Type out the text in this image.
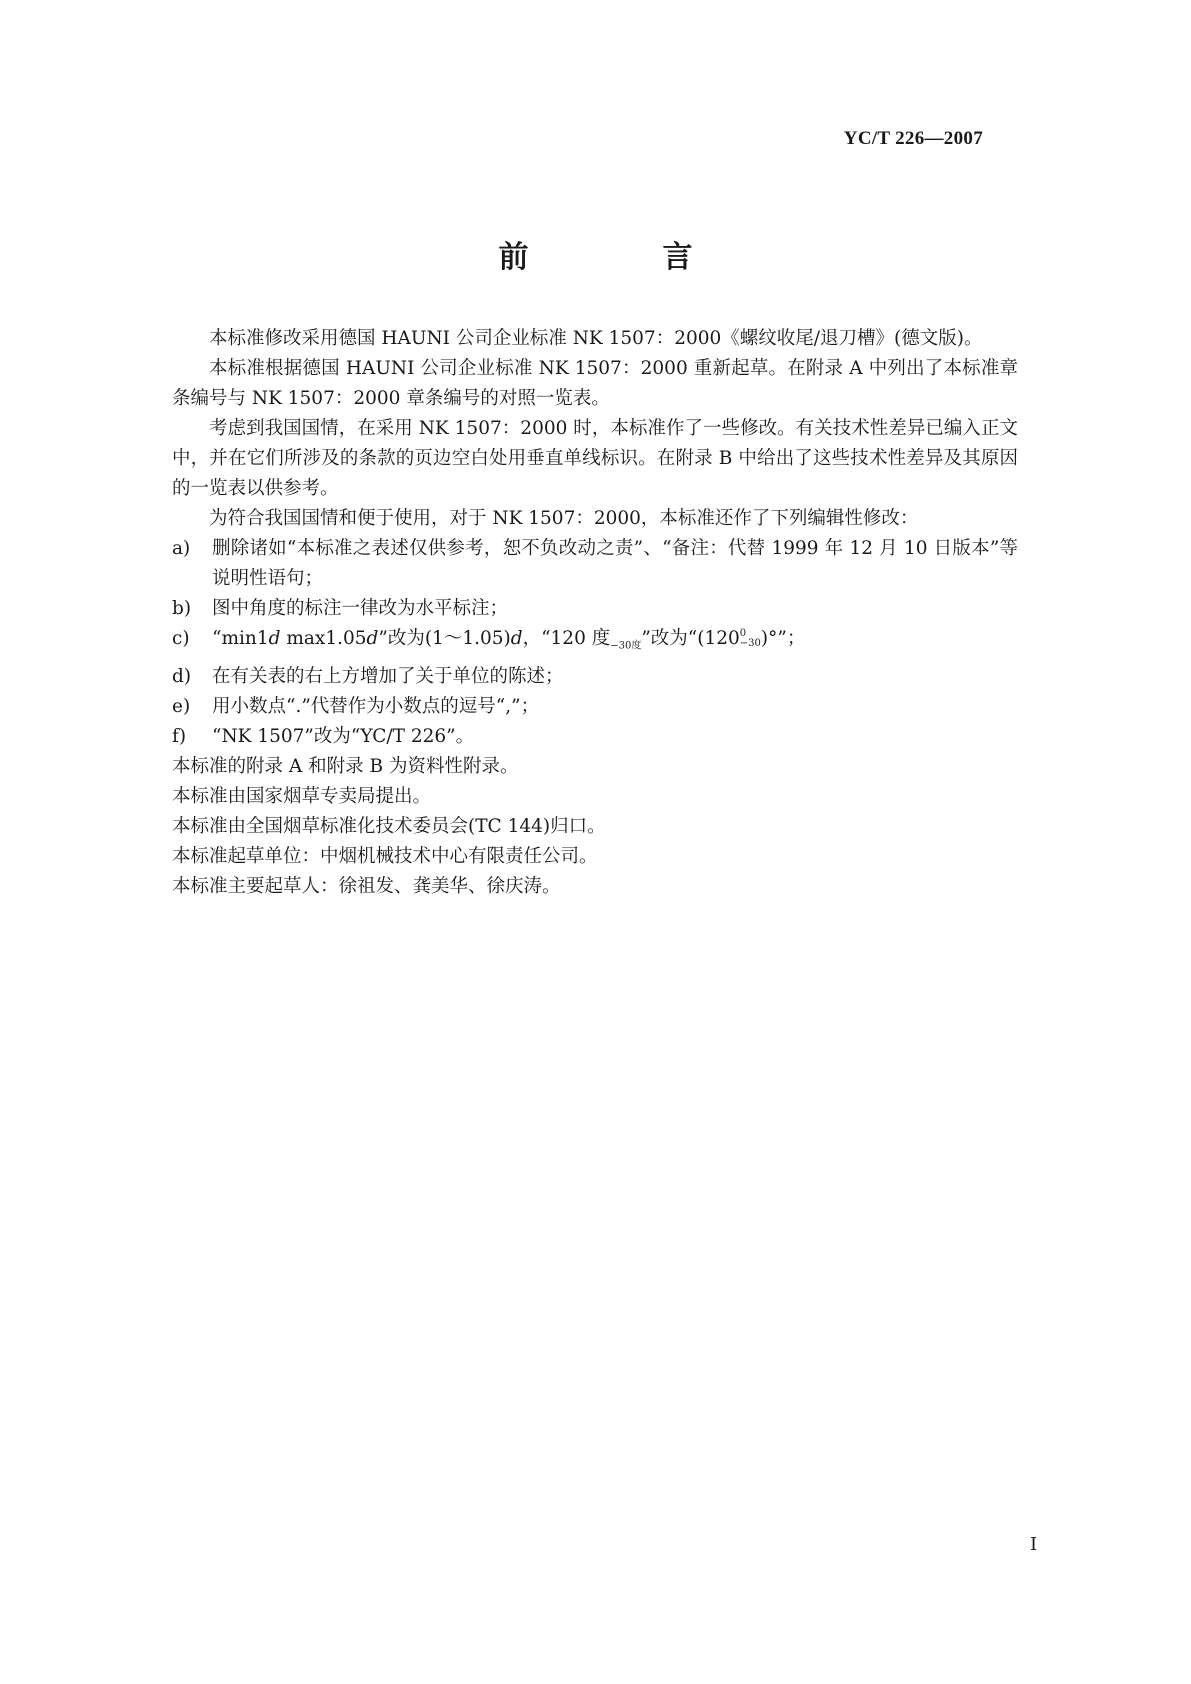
YC/T 226—2007
前　言

本标准修改采用德国 HAUNI 公司企业标准 NK 1507：2000《螺纹收尾/退刀槽》(德文版)。

本标准根据德国 HAUNI 公司企业标准 NK 1507：2000 重新起草。在附录 A 中列出了本标准章条编号与 NK 1507：2000 章条编号的对照一览表。

考虑到我国国情，在采用 NK 1507：2000 时，本标准作了一些修改。有关技术性差异已编入正文中，并在它们所涉及的条款的页边空白处用垂直单线标识。在附录 B 中给出了这些技术性差异及其原因的一览表以供参考。

为符合我国国情和便于使用，对于 NK 1507：2000，本标准还作了下列编辑性修改：

a)	删除诸如“本标准之表述仅供参考，恕不负改动之责”、“备注：代替 1999 年 12 月 10 日版本”等说明性语句；
b)	图中角度的标注一律改为水平标注；
c)	“min1d max1.05d”改为(1～1.05)d，“120 度$_{-30度}$”改为“(120 0
−30 )°”；
d)	在有关表的右上方增加了关于单位的陈述；
e)	用小数点“.”代替作为小数点的逗号“,”；
f)	“NK 1507”改为“YC/T 226”。

本标准的附录 A 和附录 B 为资料性附录。

本标准由国家烟草专卖局提出。

本标准由全国烟草标准化技术委员会(TC 144)归口。

本标准起草单位：中烟机械技术中心有限责任公司。

本标准主要起草人：徐祖发、龚美华、徐庆涛。

I
